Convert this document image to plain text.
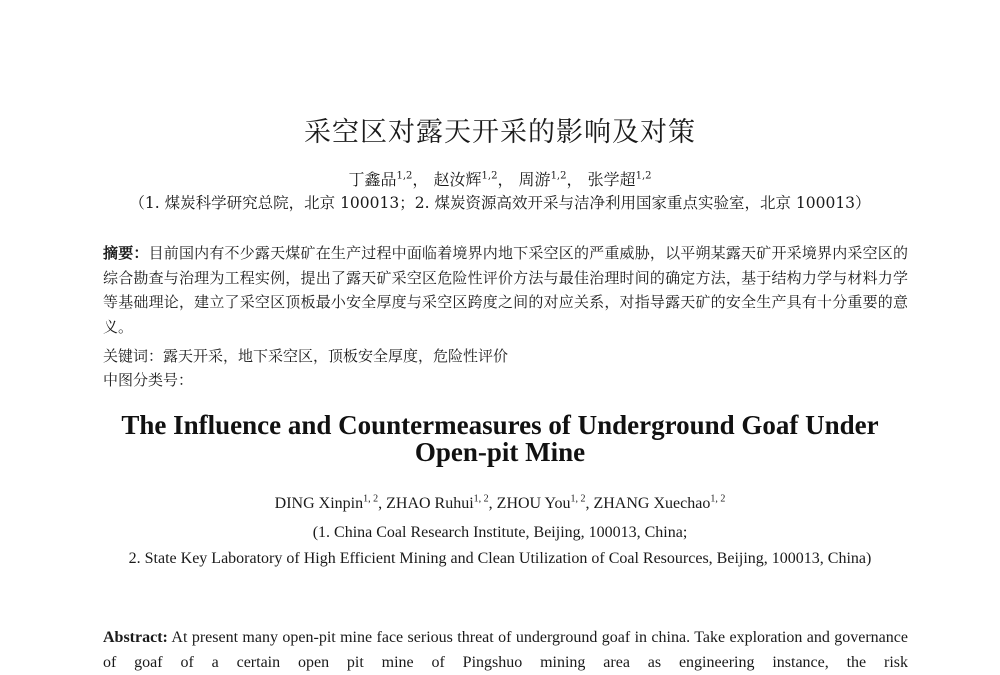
采空区对露天开采的影响及对策
丁鑫品$^{1,2}$， 赵汝辉$^{1,2}$， 周游$^{1,2}$， 张学超$^{1,2}$
（1. 煤炭科学研究总院，北京 100013；2. 煤炭资源高效开采与洁净利用国家重点实验室，北京 100013）
摘要：目前国内有不少露天煤矿在生产过程中面临着境界内地下采空区的严重威胁，以平朔某露天矿开采境界内采空区的综合勘查与治理为工程实例，提出了露天矿采空区危险性评价方法与最佳治理时间的确定方法，基于结构力学与材料力学等基础理论，建立了采空区顶板最小安全厚度与采空区跨度之间的对应关系，对指导露天矿的安全生产具有十分重要的意义。
关键词：露天开采，地下采空区，顶板安全厚度，危险性评价
中图分类号：
The Influence and Countermeasures of Underground Goaf Under
Open-pit Mine
DING Xinpin$^{1, 2}$, ZHAO Ruhui$^{1, 2}$, ZHOU You$^{1, 2}$, ZHANG Xuechao$^{1, 2}$
(1. China Coal Research Institute, Beijing, 100013, China;
2. State Key Laboratory of High Efficient Mining and Clean Utilization of Coal Resources, Beijing, 100013, China)
Abstract: At present many open-pit mine face serious threat of underground goaf in china. Take exploration and governance of goaf of a certain open pit mine of Pingshuo mining area as engineering instance, the risk
